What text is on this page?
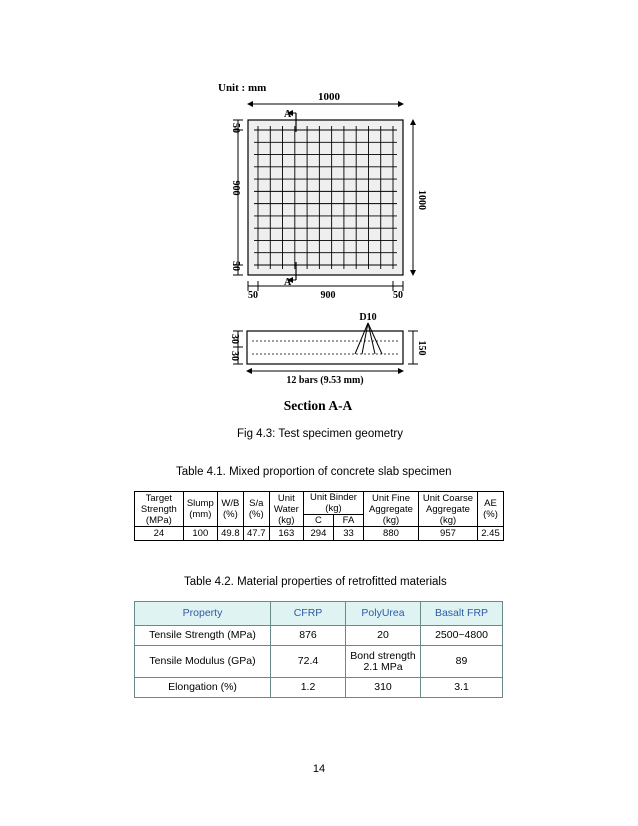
Unit : mm
1000
A
A
50
900
50
1000
50	900	50
D10
30
30
150
12 bars (9.53 mm)
Section A-A
Fig 4.3: Test specimen geometry
Table 4.1. Mixed proportion of concrete slab specimen
Target Strength (MPa)	Slump (mm)	W/B (%)	S/a (%)	Unit Water (kg)	Unit Binder (kg)		Unit Fine Aggregate (kg)	Unit Coarse Aggregate (kg)	AE (%)
					C	FA			
24	100	49.8	47.7	163	294	33	880	957	2.45
Table 4.2. Material properties of retrofitted materials
Property	CFRP	PolyUrea	Basalt FRP
Tensile Strength (MPa)	876	20	2500~4800
Tensile Modulus (GPa)	72.4	Bond strength 2.1 MPa	89
Elongation (%)	1.2	310	3.1
14
